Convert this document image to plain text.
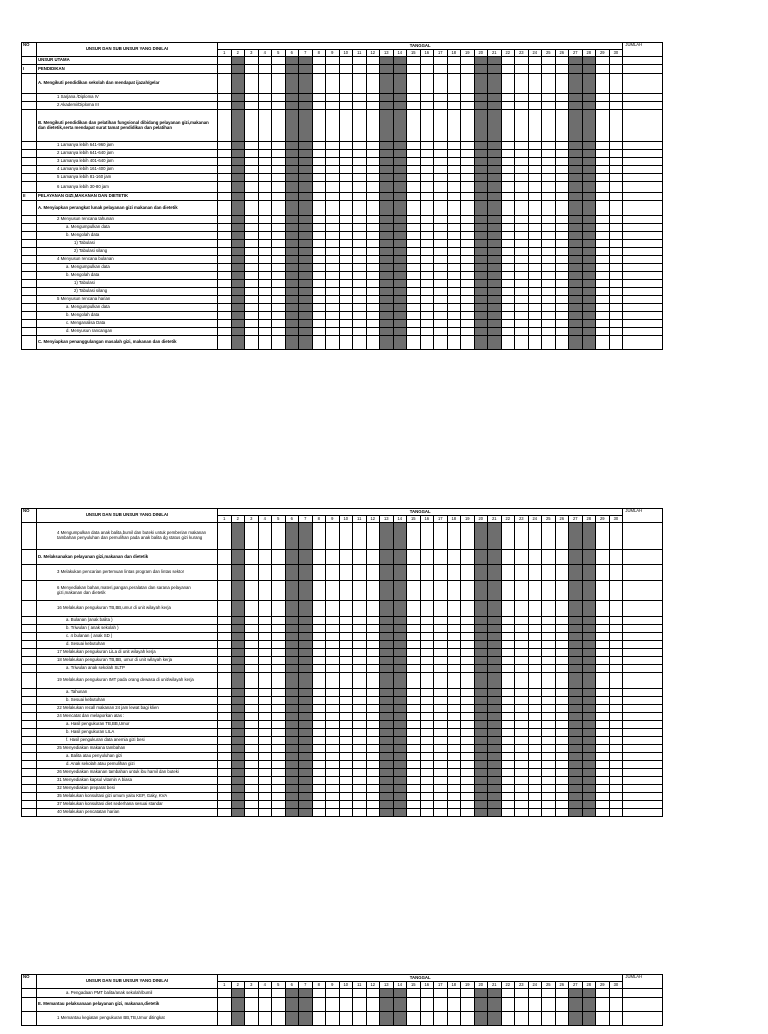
NO	UNSUR DAN SUB UNSUR YANG DINILAI	TANGGAL																														JUMLAH
		1	2	3	4	5	6	7	8	9	10	11	12	13	14	15	16	17	18	19	20	21	22	23	24	25	26	27	28	29	30	
	UNSUR UTAMA																															
I	PENDIDIKAN																															
	A. Mengikuti pendidikan sekolah dan mendapat ijazah/gelar																															
	1 Sarjana /Diploma IV																															
	2 Akademi/Diploma III																															
	B. Mengikuti pendidikan dan pelatihan fungsional dibidang pelayanan gizi,makanan dan dietetik,serta mendapat surat tamat pendidikan dan pelatihan																															
	1 Lamanya lebih 641-960 jam																															
	2 Lamanya lebih 641-640 jam																															
	3 Lamanya lebih 401-640 jam																															
	4 Lamanya lebih 161-400 jam																															
	5 Lamanya lebih 81-160 jam																															
	6 Lamanya lebih 30-80 jam																															
II	PELAYANAN GIZI,MAKANAN DAN DIETETIK																															
	A. Menyiapkan perangkat lunak pelayanan gizi makanan dan dietetik																															
	2 Menyusun rencana tahunan																															
	a. Mengumpulkan data																															
	b. Mengolah data																															
	1) Tabulasi																															
	2) Tabulasi silang																															
	4 Menyusun rencana bulanan																															
	a. Mengumpulkan data																															
	b. Mengolah data																															
	1) Tabulasi																															
	2) Tabulasi silang																															
	5 Menyusun rencana harian																															
	a. Mengumpulkan data																															
	b. Mengolah data																															
	c. Menganalisa Data																															
	d. Menyusun rancangan																															
	C. Menyiapkan penanggulangan masalah gizi, makanan dan dietetik																															
NO	UNSUR DAN SUB UNSUR YANG DINILAI	TANGGAL																														JUMLAH
		1	2	3	4	5	6	7	8	9	10	11	12	13	14	15	16	17	18	19	20	21	22	23	24	25	26	27	28	29	30	
	4 Mengumpulkan data anak balita,bumil dan buteki untuk pemberian makanan tambahan penyuluhan dan pemulihan pada anak balita dg status gizi kurang																															
	D. Melaksanakan pelayanan gizi,makanan dan dietetik																															
	3 Melakukan pencarian pertemuan lintas program dan lintas sektor																															
	6 Menyediakan bahan,materi,pangan,peralatan dan sarana pelayanan gizi,makanan dan dietetik																															
	16 Melakukan pengukuran TB,BB,umur di unit wilayah kerja																															
	a. Bulanan (anak balita )																															
	b. Triwulan ( anak sekolah )																															
	c. 4 bulanan ( anak SD )																															
	d. Sesuai kebutuhan																															
	17 Melakukan pengukuran LiLa di unit wilayah kerja																															
	18 Melakukan pengukuran TB,BB, umur di unit wilayah kerja																															
	a. Triwulan anak sekolah SLTP																															
	19 Melakukan pengukuran IMT pada orang dewasa di unit/wilayah kerja																															
	a. Tahunan																															
	b. Sesuai kebutuhan																															
	22 Melakukan recall makanan 24 jam lewat bagi klien																															
	24 Mencatat dan melaporkan atas :																															
	a. Hasil pengukuran TB,BB,Umur																															
	b. Hasil pengukuran LILA																															
	f. Hasil pengukuran data anemia gizi besi																															
	25 Menyediakan makana tambahan																															
	a. Balita atau penyuluhan gizi																															
	d. Anak sekolah atau pemulihan gizi																															
	26 Menyediakan makanan tambahan untuk ibu hamil dan buteki																															
	31 Menyediakan kapsul vitamin A biasa																															
	32 Menyediakan preparat besi																															
	35 Melakukan konsultasi gizi umum yaitu KEP, Gaky, KVA																															
	37 Melakukan konsultasi diet sederhana sesuai standar																															
	40 Melakukan pencatatan harian																															
NO	UNSUR DAN SUB UNSUR YANG DINILAI	TANGGAL																														JUMLAH
		1	2	3	4	5	6	7	8	9	10	11	12	13	14	15	16	17	18	19	20	21	22	23	24	25	26	27	28	29	30	
	a. Pengadaan PMT balita/anak sekolah/bumil																															
	E. Memantau pelaksanaan pelayanan gizi, makanan,dietetik																															
	1 Memantau kegiatan pengukuran BB,TB,Umur ditingkat																															
